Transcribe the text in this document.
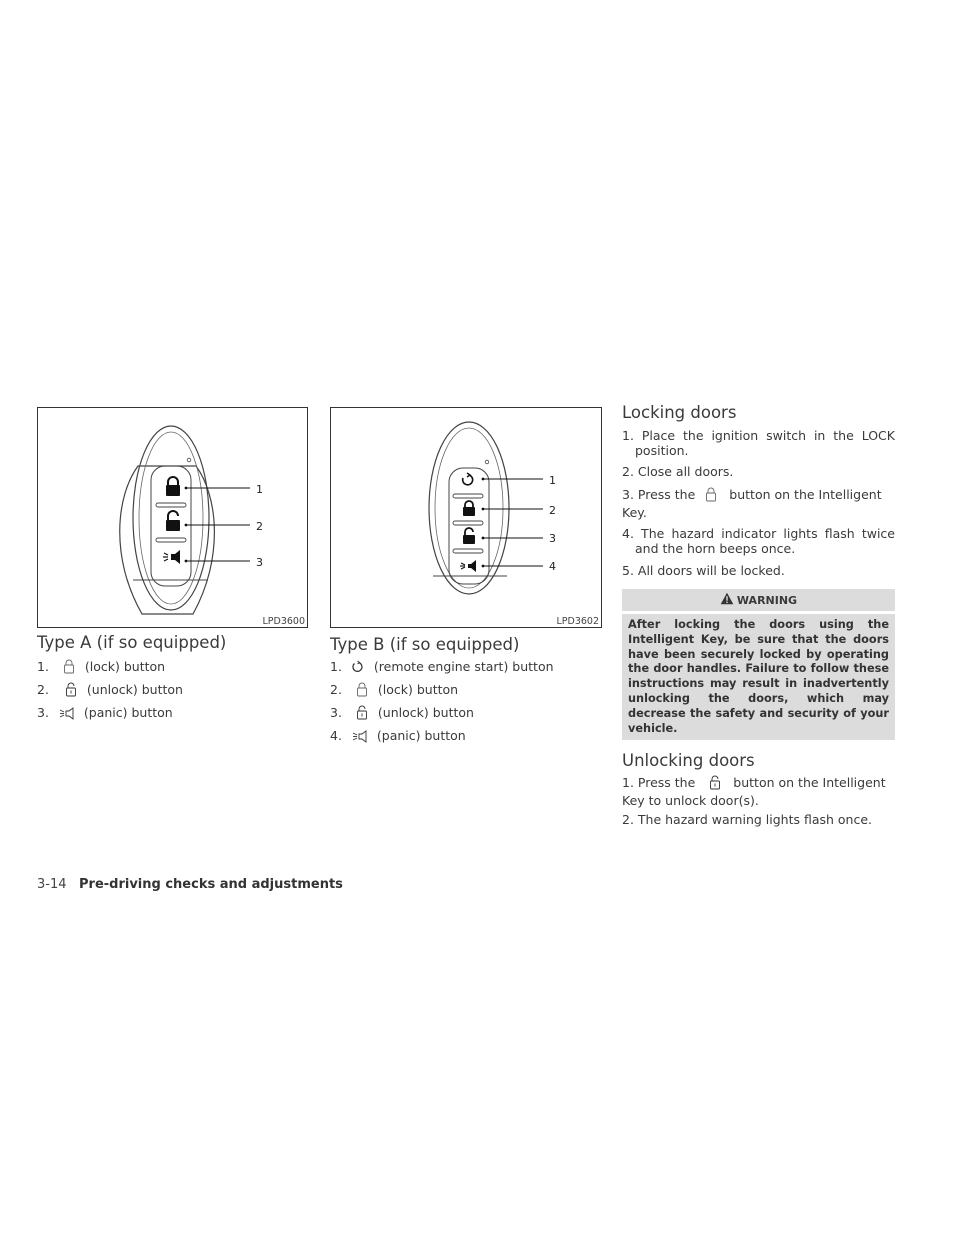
1
2
3
LPD3600
1
2
3
4
LPD3602
Type A (if so equipped)
1.	(lock) button
2.	(unlock) button
3.	(panic) button
Type B (if so equipped)
1.	(remote engine start) button
2.	(lock) button
3.	(unlock) button
4.	(panic) button
Locking doors
1. Place the ignition switch in the LOCK position.
2. Close all doors.
3. Press the	button on the Intelligent Key.
4. The hazard indicator lights flash twice and the horn beeps once.
5. All doors will be locked.
WARNING
After locking the doors using the Intelligent Key, be sure that the doors have been securely locked by operating the door handles. Failure to follow these instructions may result in inadvertently unlocking the doors, which may decrease the safety and security of your vehicle.
Unlocking doors
1. Press the	button on the Intelligent Key to unlock door(s).
2. The hazard warning lights flash once.
3-14 Pre-driving checks and adjustments
